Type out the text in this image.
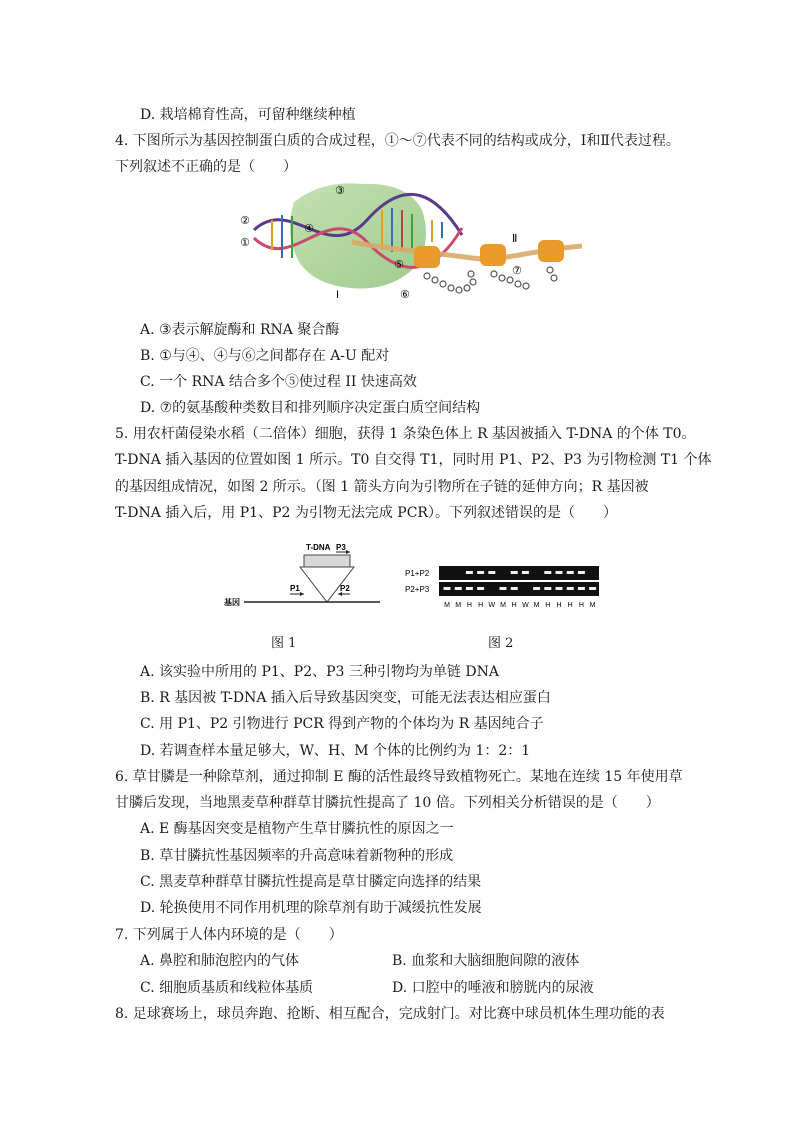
D. 栽培棉育性高，可留种继续种植
4. 下图所示为基因控制蛋白质的合成过程，①～⑦代表不同的结构或成分，I和Ⅱ代表过程。
下列叙述不正确的是（　　）
③
②
①
④
⑤
⑥
⑦
I
Ⅱ
A. ③表示解旋酶和 RNA 聚合酶
B. ①与④、④与⑥之间都存在 A-U 配对
C. 一个 RNA 结合多个⑤使过程 II 快速高效
D. ⑦的氨基酸种类数目和排列顺序决定蛋白质空间结构
5. 用农杆菌侵染水稻（二倍体）细胞，获得 1 条染色体上 R 基因被插入 T-DNA 的个体 T0。
T-DNA 插入基因的位置如图 1 所示。T0 自交得 T1，同时用 P1、P2、P3 为引物检测 T1 个体
的基因组成情况，如图 2 所示。（图 1 箭头方向为引物所在子链的延伸方向；R 基因被
T-DNA 插入后，用 P1、P2 为引物无法完成 PCR）。下列叙述错误的是（　　）
T-DNA P3
P1	P2
基因
图 1
P1+P2
P2+P3
M M H H W M H W M H H H H M
图 2
A. 该实验中所用的 P1、P2、P3 三种引物均为单链 DNA
B. R 基因被 T-DNA 插入后导致基因突变，可能无法表达相应蛋白
C. 用 P1、P2 引物进行 PCR 得到产物的个体均为 R 基因纯合子
D. 若调查样本量足够大，W、H、M 个体的比例约为 1：2：1
6. 草甘膦是一种除草剂，通过抑制 E 酶的活性最终导致植物死亡。某地在连续 15 年使用草
甘膦后发现，当地黑麦草种群草甘膦抗性提高了 10 倍。下列相关分析错误的是（　　）
A. E 酶基因突变是植物产生草甘膦抗性的原因之一
B. 草甘膦抗性基因频率的升高意味着新物种的形成
C. 黑麦草种群草甘膦抗性提高是草甘膦定向选择的结果
D. 轮换使用不同作用机理的除草剂有助于减缓抗性发展
7. 下列属于人体内环境的是（　　）
A. 鼻腔和肺泡腔内的气体	B. 血浆和大脑细胞间隙的液体
C. 细胞质基质和线粒体基质	D. 口腔中的唾液和膀胱内的尿液
8. 足球赛场上，球员奔跑、抢断、相互配合，完成射门。对比赛中球员机体生理功能的表
